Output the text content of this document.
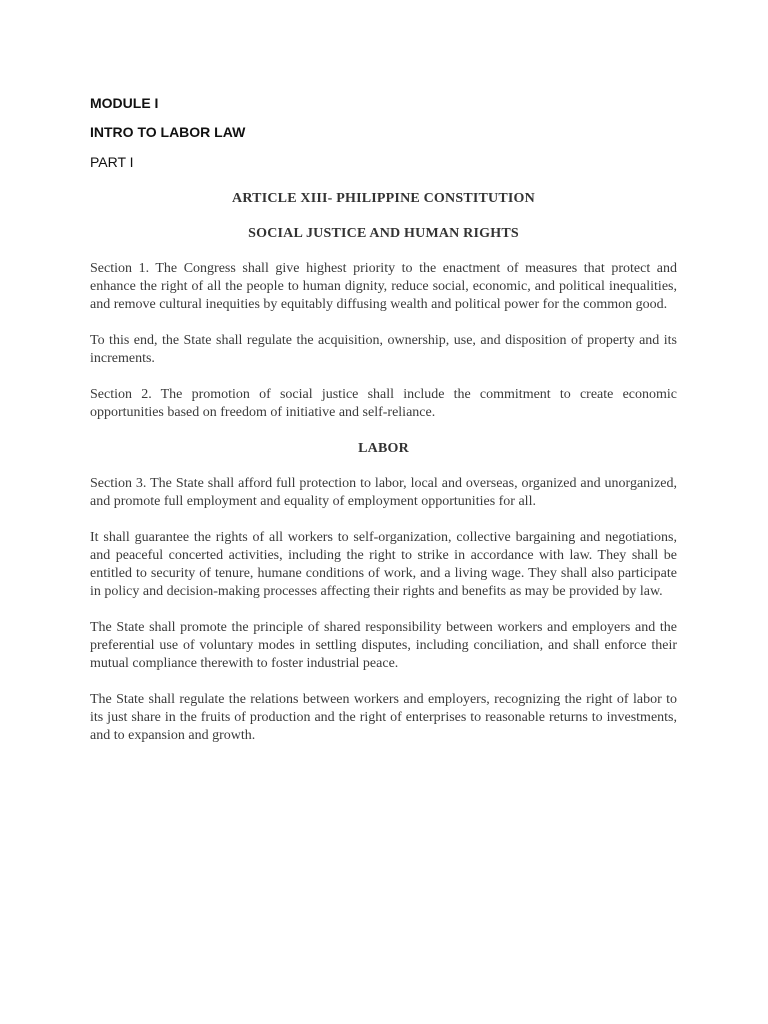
MODULE I

INTRO TO LABOR LAW

PART I

ARTICLE XIII- PHILIPPINE CONSTITUTION

SOCIAL JUSTICE AND HUMAN RIGHTS

Section 1. The Congress shall give highest priority to the enactment of measures that protect and enhance the right of all the people to human dignity, reduce social, economic, and political inequalities, and remove cultural inequities by equitably diffusing wealth and political power for the common good.

To this end, the State shall regulate the acquisition, ownership, use, and disposition of property and its increments.

Section 2. The promotion of social justice shall include the commitment to create economic opportunities based on freedom of initiative and self-reliance.

LABOR

Section 3. The State shall afford full protection to labor, local and overseas, organized and unorganized, and promote full employment and equality of employment opportunities for all.

It shall guarantee the rights of all workers to self-organization, collective bargaining and negotiations, and peaceful concerted activities, including the right to strike in accordance with law. They shall be entitled to security of tenure, humane conditions of work, and a living wage. They shall also participate in policy and decision-making processes affecting their rights and benefits as may be provided by law.

The State shall promote the principle of shared responsibility between workers and employers and the preferential use of voluntary modes in settling disputes, including conciliation, and shall enforce their mutual compliance therewith to foster industrial peace.

The State shall regulate the relations between workers and employers, recognizing the right of labor to its just share in the fruits of production and the right of enterprises to reasonable returns to investments, and to expansion and growth.
